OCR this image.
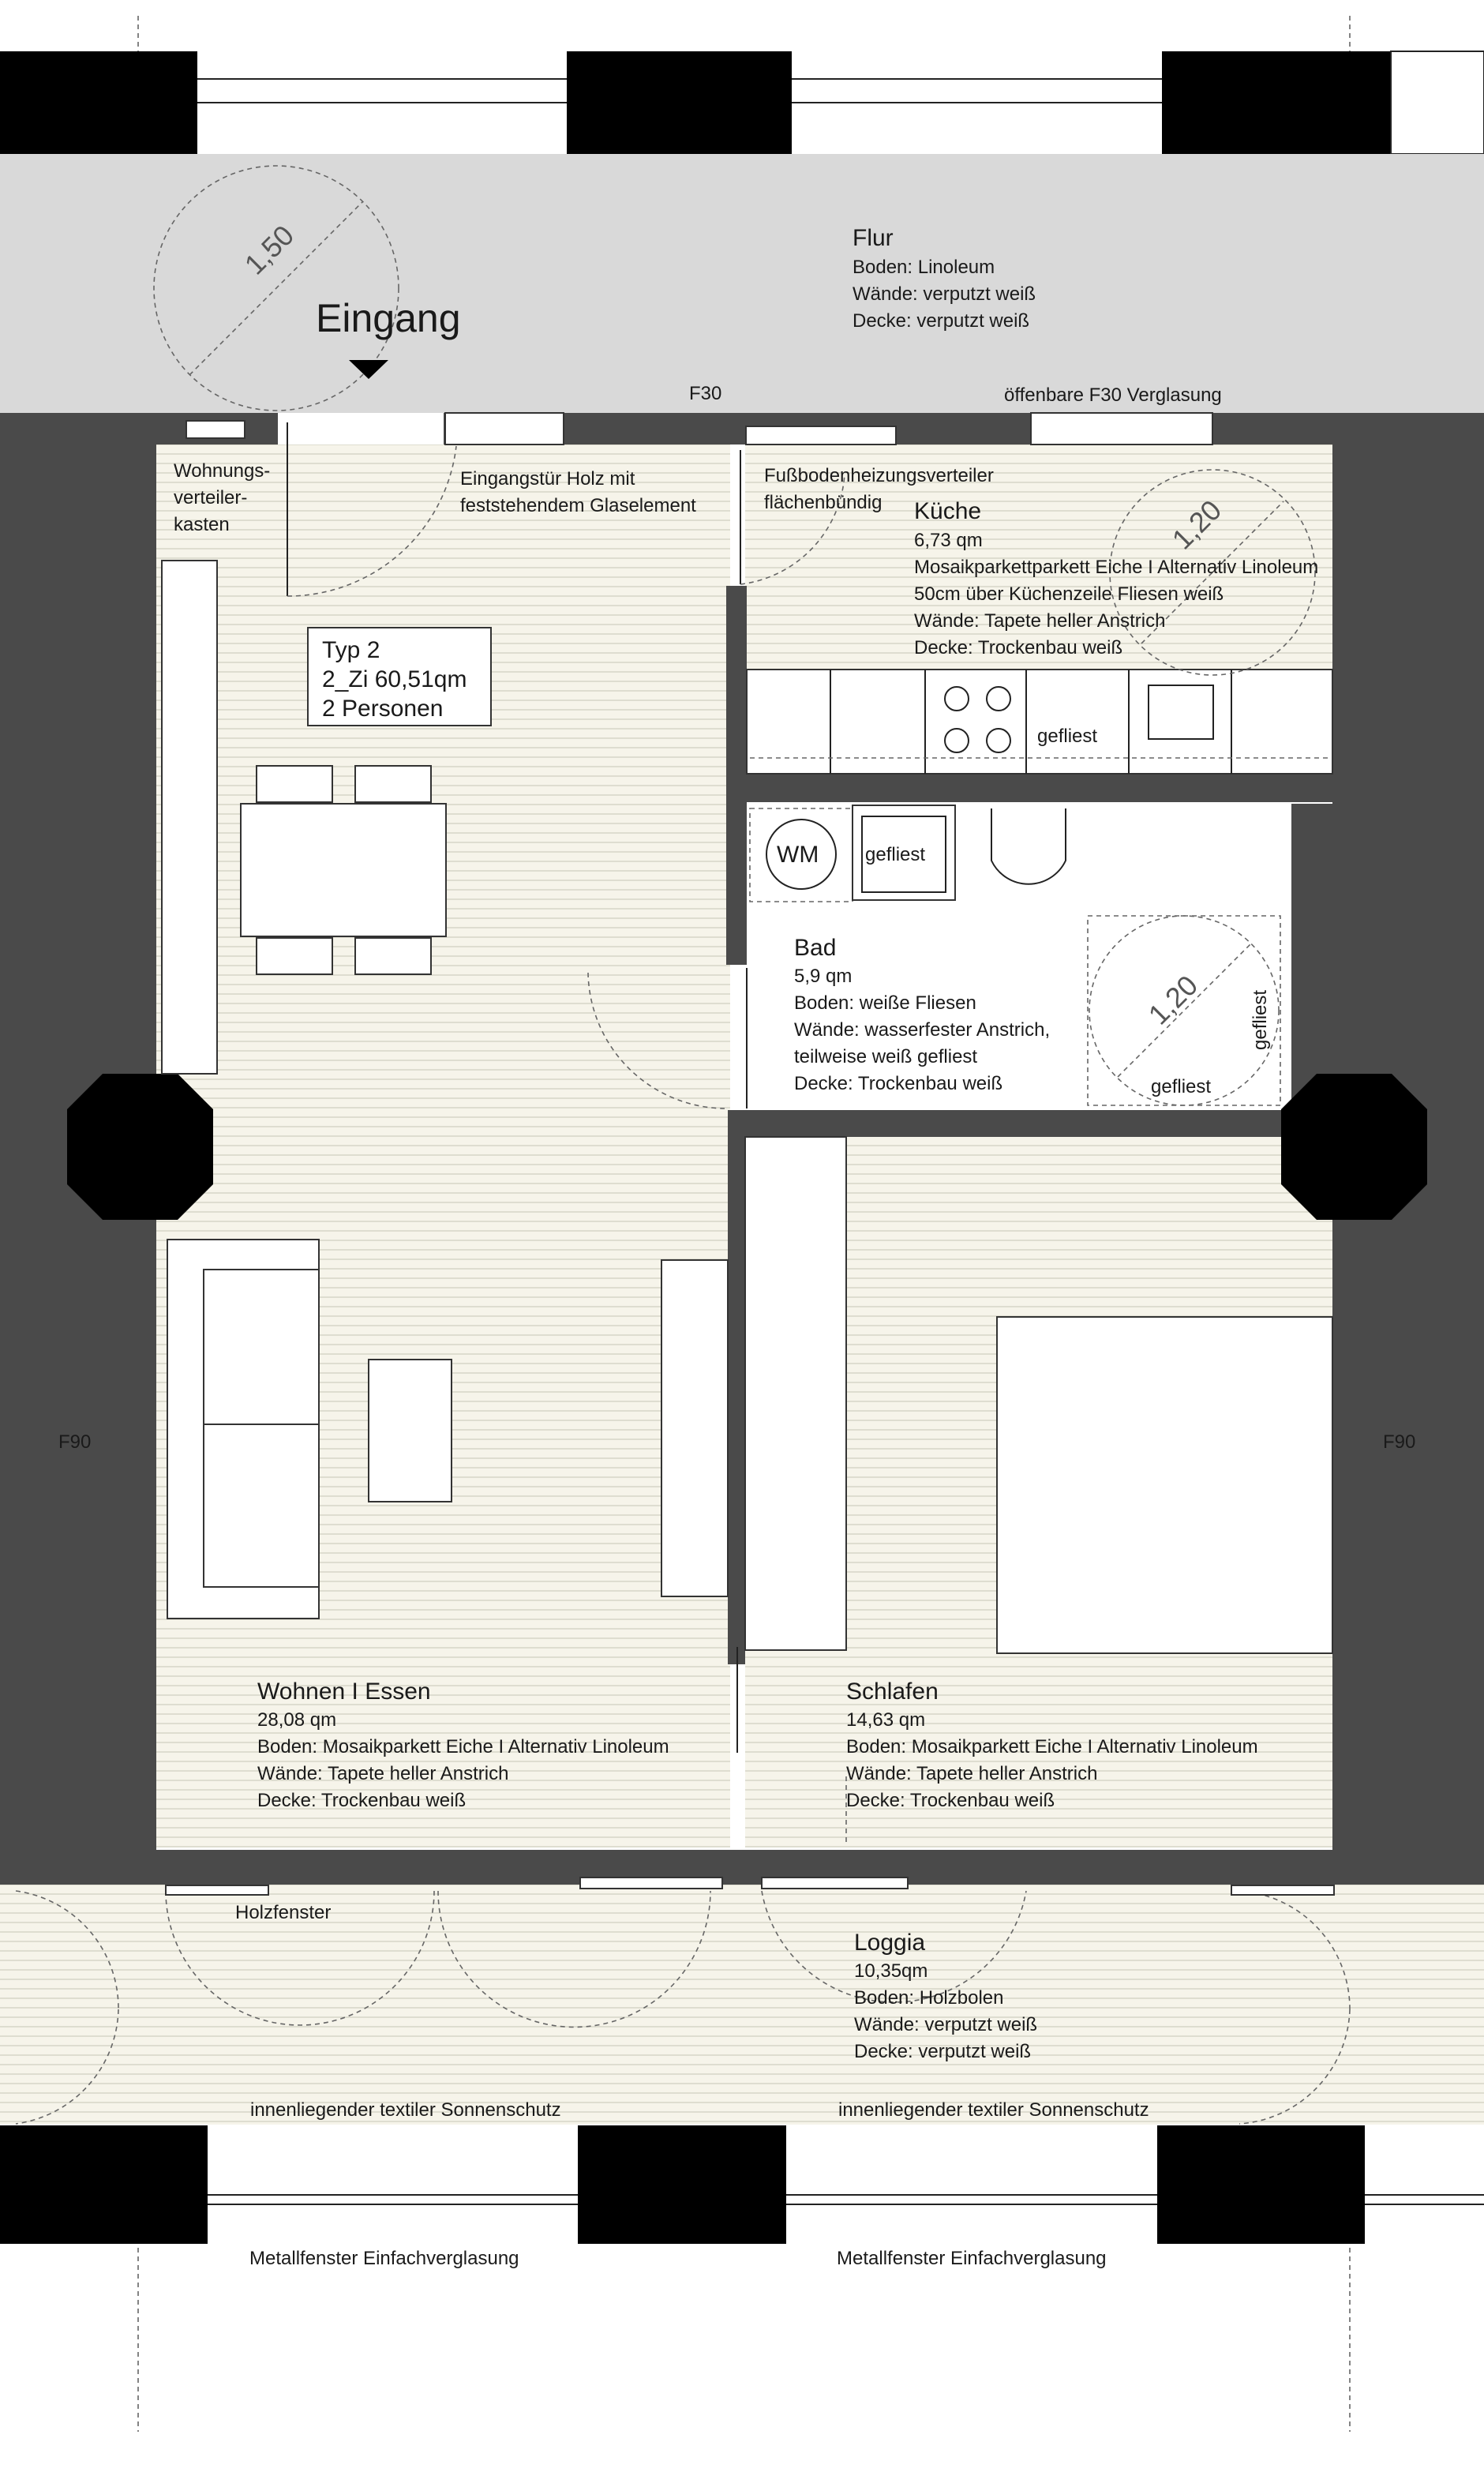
Eingang
1,50	Flur
Boden: Linoleum
Wände: verputzt weiß
Decke: verputzt weiß
F30	öffenbare F30 Verglasung
F90	F90
Wohnungs-
verteiler-
kasten
Eingangstür Holz mit
feststehendem Glaselement
Fußbodenheizungsverteiler
flächenbündig
Typ 2
2_Zi 60,51qm
2 Personen
Küche
6,73 qm
Mosaikparkettparkett Eiche I Alternativ Linoleum
50cm über Küchenzeile Fliesen weiß
Wände: Tapete heller Anstrich
Decke: Trockenbau weiß
gefliest
1,20
WM gefliest
Bad
5,9 qm
Boden: weiße Fliesen
Wände: wasserfester Anstrich,
teilweise weiß gefliest
Decke: Trockenbau weiß
1,20 gefliest
gefliest
Wohnen I Essen
28,08 qm
Boden: Mosaikparkett Eiche I Alternativ Linoleum
Wände: Tapete heller Anstrich
Decke: Trockenbau weiß
Schlafen
14,63 qm
Boden: Mosaikparkett Eiche I Alternativ Linoleum
Wände: Tapete heller Anstrich
Decke: Trockenbau weiß
Holzfenster
Loggia
10,35qm
Boden: Holzbolen
Wände: verputzt weiß
Decke: verputzt weiß
innenliegender textiler Sonnenschutz	innenliegender textiler Sonnenschutz
Metallfenster Einfachverglasung	Metallfenster Einfachverglasung
